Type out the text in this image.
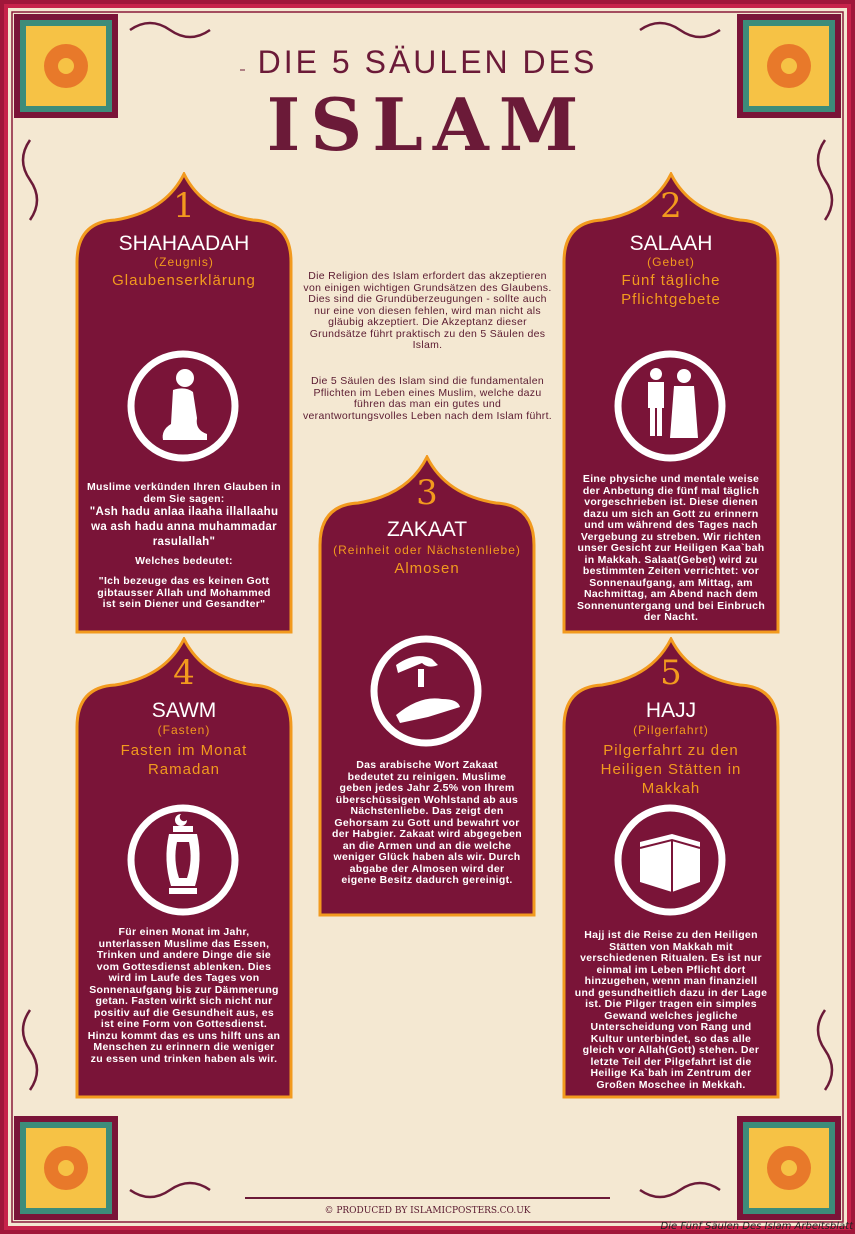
DIE 5 SÄULEN DES
ISLAM
Die Religion des Islam erfordert das akzeptieren von einigen wichtigen Grundsätzen des Glaubens. Dies sind die Grundüberzeugungen - sollte auch nur eine von diesen fehlen, wird man nicht als gläubig akzeptiert. Die Akzeptanz dieser Grundsätze führt praktisch zu den 5 Säulen des Islam.
Die 5 Säulen des Islam sind die fundamentalen Pflichten im Leben eines Muslim, welche dazu führen das man ein gutes und verantwortungsvolles Leben nach dem Islam führt.
1
SHAHAADAH
(Zeugnis)
Glaubenserklärung
Muslime verkünden Ihren Glauben in dem Sie sagen:
"Ash hadu anlaa ilaaha illallaahu wa ash hadu anna muhammadar rasulallah"
Welches bedeutet:
"Ich bezeuge das es keinen Gott gibtausser Allah und Mohammed ist sein Diener und Gesandter"
2
SALAAH
(Gebet)
Fünf tägliche Pflichtgebete
Eine physiche und mentale weise der Anbetung die fünf mal täglich vorgeschrieben ist. Diese dienen dazu um sich an Gott zu erinnern und um während des Tages nach Vergebung zu streben. Wir richten unser Gesicht zur Heiligen Kaa`bah in Makkah. Salaat(Gebet) wird zu bestimmten Zeiten verrichtet: vor Sonnenaufgang, am Mittag, am Nachmittag, am Abend nach dem Sonnenuntergang und bei Einbruch der Nacht.
3
ZAKAAT
(Reinheit oder Nächstenliebe)
Almosen
Das arabische Wort Zakaat bedeutet zu reinigen. Muslime geben jedes Jahr 2.5% von Ihrem überschüssigen Wohlstand ab aus Nächstenliebe. Das zeigt den Gehorsam zu Gott und bewahrt vor der Habgier. Zakaat wird abgegeben an die Armen und an die welche weniger Glück haben als wir. Durch abgabe der Almosen wird der eigene Besitz dadurch gereinigt.
4
SAWM
(Fasten)
Fasten im Monat Ramadan
Für einen Monat im Jahr, unterlassen Muslime das Essen, Trinken und andere Dinge die sie vom Gottesdienst ablenken. Dies wird im Laufe des Tages von Sonnenaufgang bis zur Dämmerung getan. Fasten wirkt sich nicht nur positiv auf die Gesundheit aus, es ist eine Form von Gottesdienst. Hinzu kommt das es uns hilft uns an Menschen zu erinnern die weniger zu essen und trinken haben als wir.
5
HAJJ
(Pilgerfahrt)
Pilgerfahrt zu den Heiligen Stätten in Makkah
Hajj ist die Reise zu den Heiligen Stätten von Makkah mit verschiedenen Ritualen. Es ist nur einmal im Leben Pflicht dort hinzugehen, wenn man finanziell und gesundheitlich dazu in der Lage ist. Die Pilger tragen ein simples Gewand welches jegliche Unterscheidung von Rang und Kultur unterbindet, so das alle gleich vor Allah(Gott) stehen. Der letzte Teil der Pilgefahrt ist die Heilige Ka`bah im Zentrum der Großen Moschee in Mekkah.
© PRODUCED BY ISLAMICPOSTERS.CO.UK
Die Fünf Säulen Des Islam Arbeitsblatt
